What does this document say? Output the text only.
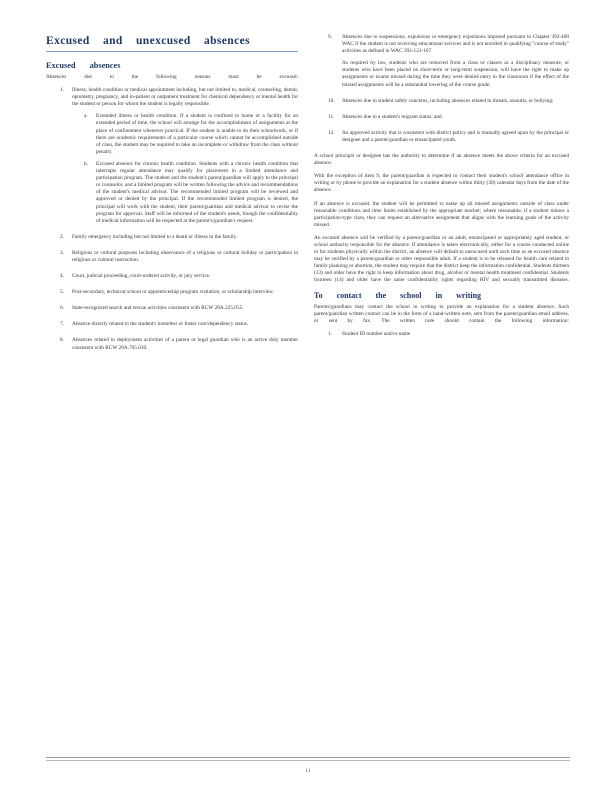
Excused and unexcused absences
Excused absences

Absences due to the following reasons must be excused:

1. Illness, health condition or medical appointment including, but not limited to, medical, counseling, dental, optometry, pregnancy, and in-patient or outpatient treatment for chemical dependency or mental health for the student or person for whom the student is legally responsible.
a. Extended illness or health condition. If a student is confined to home or a facility for an extended period of time, the school will arrange for the accomplishment of assignments at the place of confinement whenever practical. If the student is unable to do their schoolwork, or if there are academic requirements of a particular course which cannot be accomplished outside of class, the student may be required to take an incomplete or withdraw from the class without penalty.
b. Excused absence for chronic health condition. Students with a chronic health condition that interrupts regular attendance may qualify for placement in a limited attendance and participation program. The student and the student's parent/guardian will apply to the principal or counselor, and a limited program will be written following the advice and recommendations of the student's medical advisor. The recommended limited program will be reviewed and approved or denied by the principal. If the recommended limited program is denied, the principal will work with the student, their parent/guardian and medical advisor to revise the program for approval. Staff will be informed of the student's needs, though the confidentiality of medical information will be respected at the parent's/guardian's request.
2. Family emergency including but not limited to a death or illness in the family.
3. Religious or cultural purposes including observance of a religious or cultural holiday or participation in religious or cultural instruction.
4. Court, judicial proceeding, court-ordered activity, or jury service.
5. Post-secondary, technical school or apprenticeship program visitation, or scholarship interview.
6. State-recognized search and rescue activities consistent with RCW 28A.225.055.
7. Absence directly related to the student's homeless or foster care/dependency status.
8. Absences related to deployment activities of a parent or legal guardian who is an active duty member consistent with RCW 28A.705.010.
9. Absences due to suspensions, expulsions or emergency expulsions imposed pursuant to Chapter 392-400 WAC if the student is not receiving educational services and is not enrolled in qualifying "course of study" activities as defined in WAC 392-121-107.
As required by law, students who are removed from a class or classes as a disciplinary measure, or students who have been placed on short-term or long-term suspension, will have the right to make up assignments or exams missed during the time they were denied entry to the classroom if the effect of the missed assignments will be a substantial lowering of the course grade.
10. Absences due to student safety concerns, including absences related to threats, assaults, or bullying;
11. Absences due to a student's migrant status; and
12. An approved activity that is consistent with district policy and is mutually agreed upon by the principal or designee and a parent/guardian or emancipated youth.

A school principal or designee has the authority to determine if an absence meets the above criteria for an excused absence.

With the exception of item 9, the parent/guardian is expected to contact their student's school attendance office in writing or by phone to provide an explanation for a student absence within thirty (30) calendar days from the date of the absence.

If an absence is excused, the student will be permitted to make up all missed assignments outside of class under reasonable conditions and time limits established by the appropriate teacher; where reasonable, if a student misses a participation-type class, they can request an alternative assignment that aligns with the learning goals of the activity missed.

An excused absence will be verified by a parent/guardian or an adult, emancipated or appropriately aged student, or school authority responsible for the absence. If attendance is taken electronically, either for a course conducted online or for students physically within the district, an absence will default to unexcused until such time as an excused absence may be verified by a parent/guardian or other responsible adult. If a student is to be released for health care related to family planning or abortion, the student may require that the district keep the information confidential. Students thirteen (13) and older have the right to keep information about drug, alcohol or mental health treatment confidential. Students fourteen (14) and older have the same confidentiality rights regarding HIV and sexually transmitted diseases.

To contact the school in writing

Parents/guardians may contact the school in writing to provide an explanation for a student absence. Such parent/guardian written contact can be in the form of a hand-written note, sent from the parent/guardian email address, or sent by fax. The written note should contain the following information:

1. Student ID number and/or name
11
